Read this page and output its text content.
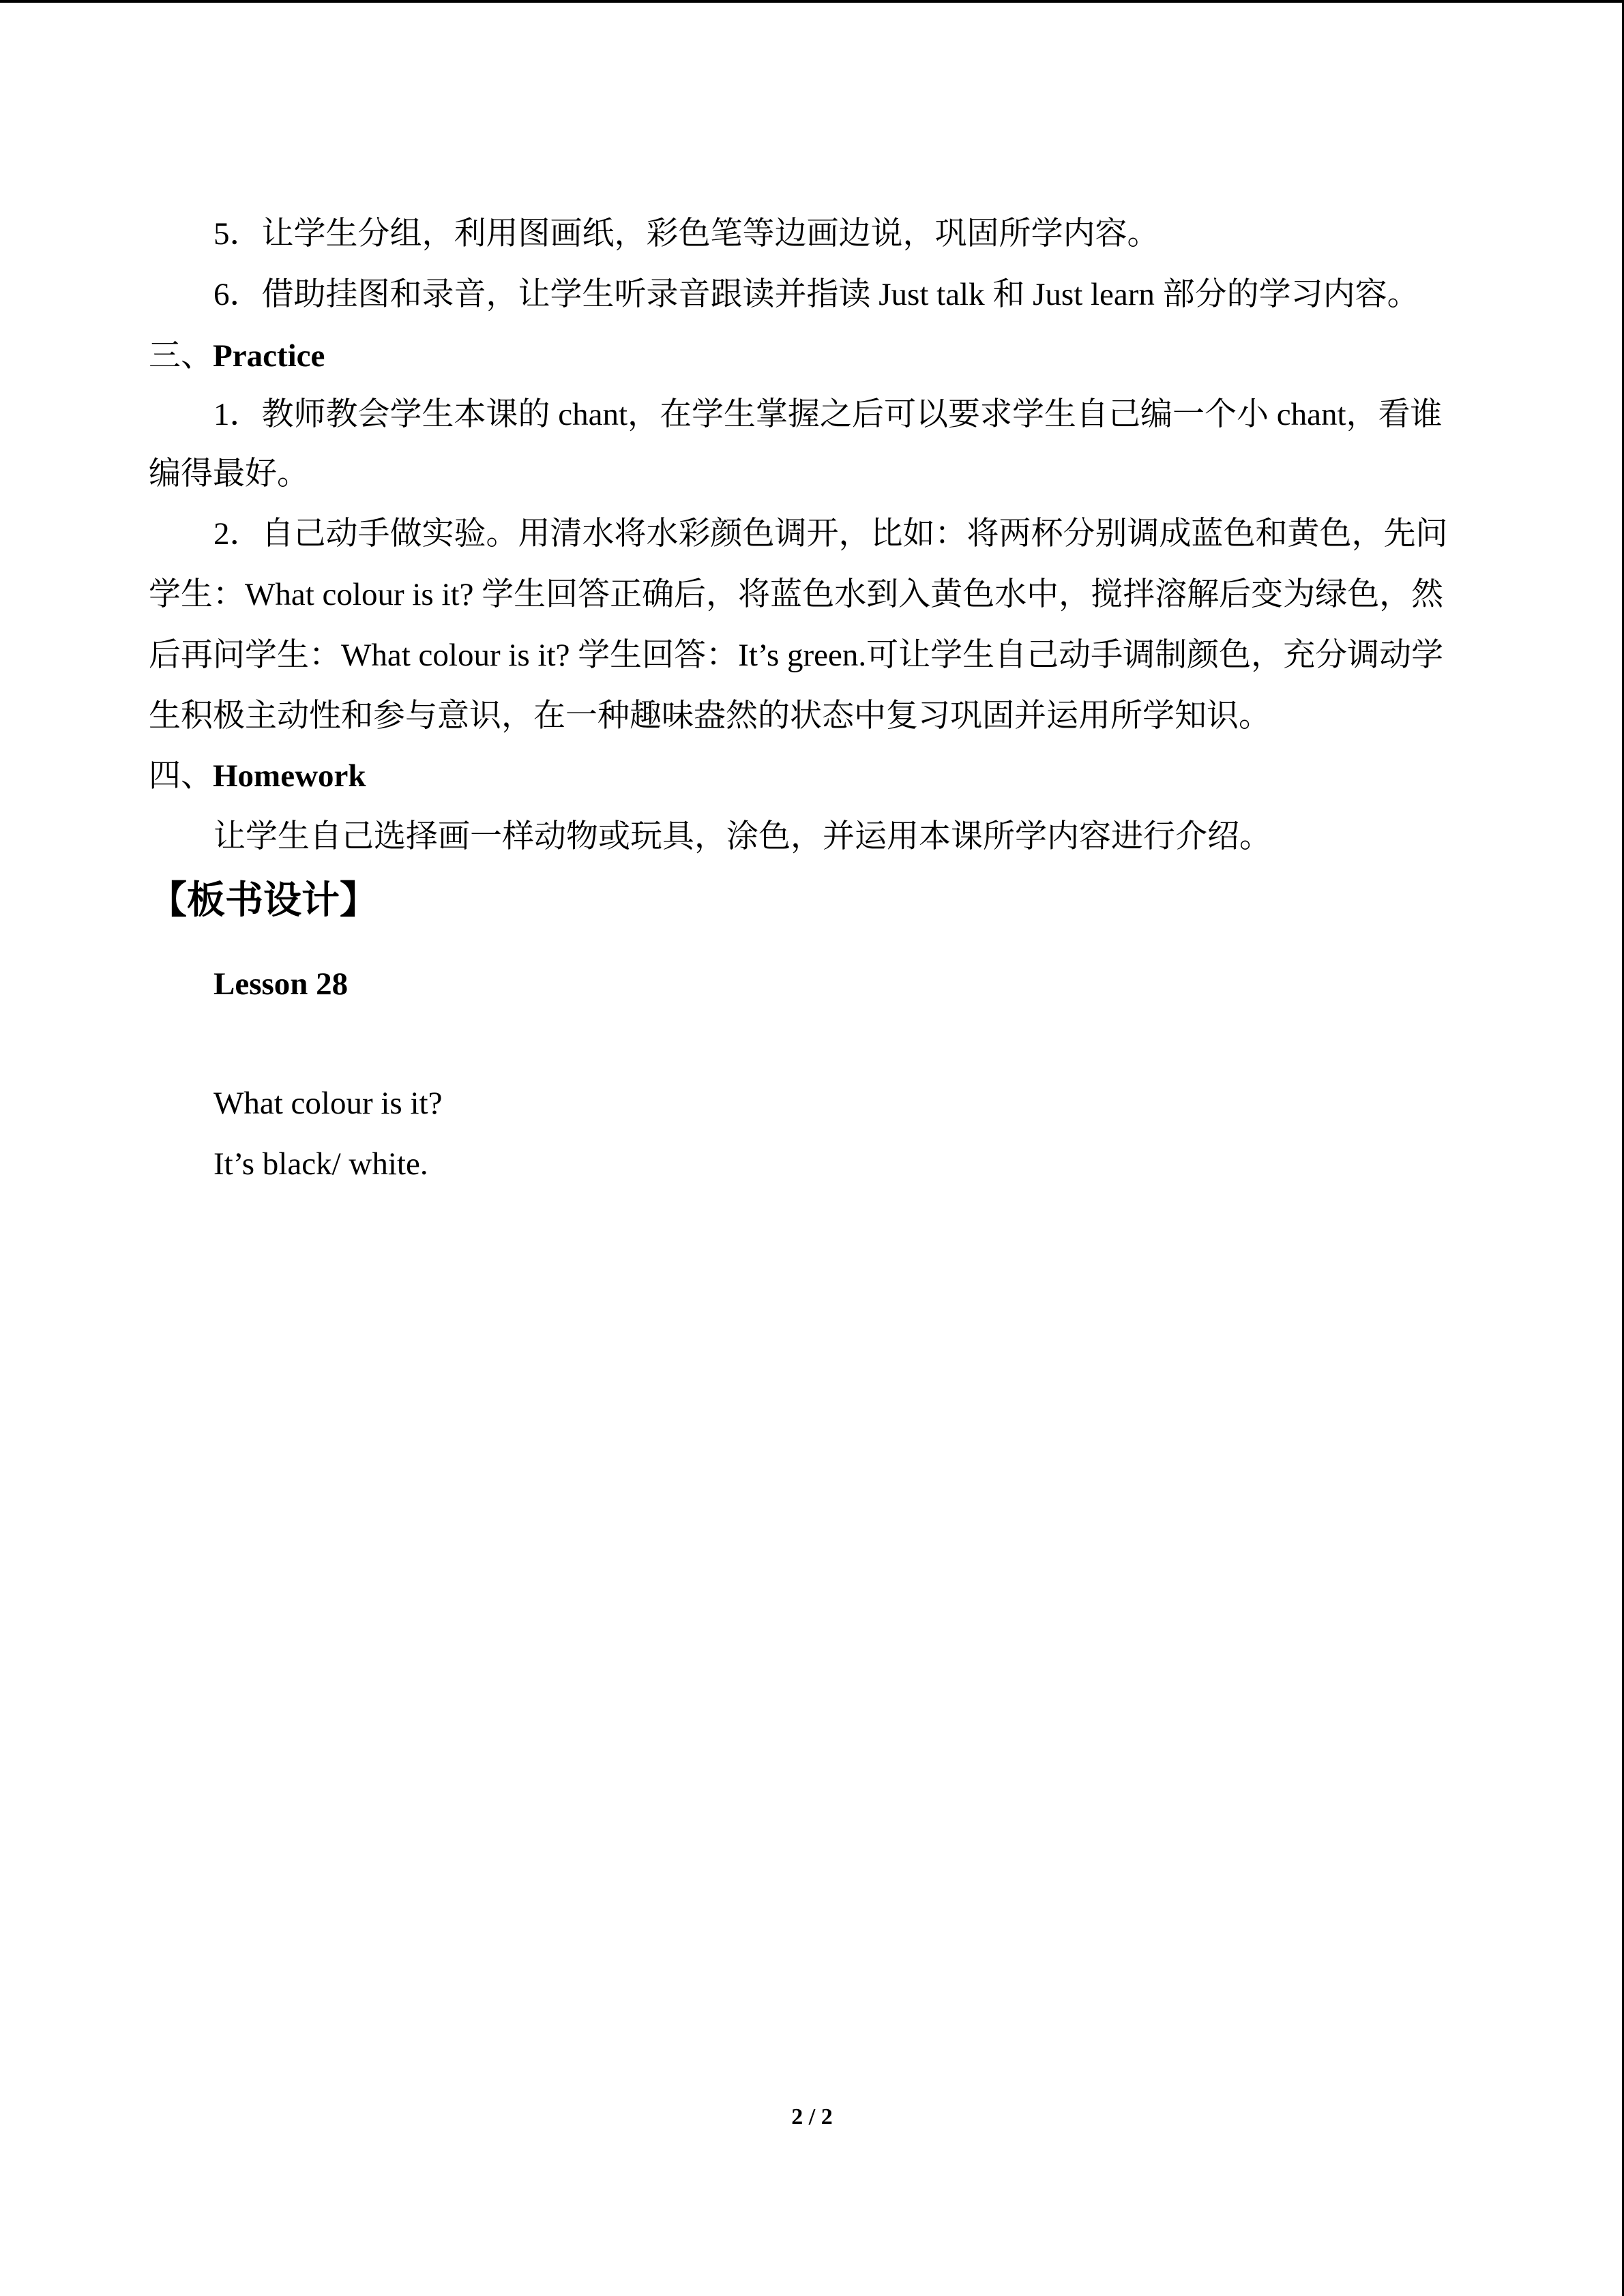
5．让学生分组，利用图画纸，彩色笔等边画边说，巩固所学内容。
6．借助挂图和录音，让学生听录音跟读并指读 Just talk 和 Just learn 部分的学习内容。
三、Practice
1．教师教会学生本课的 chant，在学生掌握之后可以要求学生自己编一个小 chant，看谁
编得最好。
2．自己动手做实验。用清水将水彩颜色调开，比如：将两杯分别调成蓝色和黄色，先问
学生：What colour is it? 学生回答正确后，将蓝色水到入黄色水中，搅拌溶解后变为绿色，然
后再问学生：What colour is it? 学生回答：It’s green.可让学生自己动手调制颜色，充分调动学
生积极主动性和参与意识，在一种趣味盎然的状态中复习巩固并运用所学知识。
四、Homework
让学生自己选择画一样动物或玩具，涂色，并运用本课所学内容进行介绍。
【板书设计】
Lesson 28
What colour is it?
It’s black/ white.
2 / 2
